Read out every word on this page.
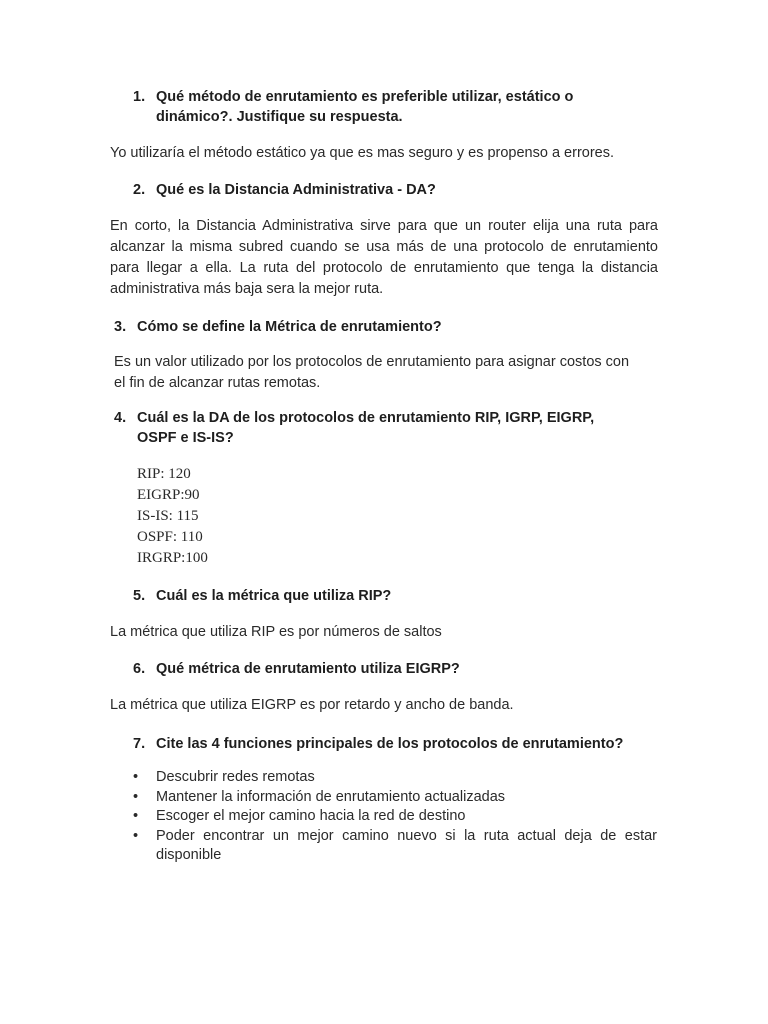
1. Qué método de enrutamiento es preferible utilizar, estático o dinámico?. Justifique su respuesta.
Yo utilizaría el método estático ya que es mas seguro y es propenso a errores.
2. Qué es la Distancia Administrativa - DA?
En corto, la Distancia Administrativa sirve para que un router elija una ruta para alcanzar la misma subred cuando se usa más de una protocolo de enrutamiento para llegar a ella. La ruta del protocolo de enrutamiento que tenga la distancia administrativa más baja sera la mejor ruta.
3. Cómo se define la Métrica de enrutamiento?
Es un valor utilizado por los protocolos de enrutamiento para asignar costos con el fin de alcanzar rutas remotas.
4. Cuál es la DA de los protocolos de enrutamiento RIP, IGRP, EIGRP, OSPF e IS-IS?
RIP: 120
EIGRP:90
IS-IS: 115
OSPF: 110
IRGRP:100
5. Cuál es la métrica que utiliza RIP?
La métrica que utiliza RIP es por números de saltos
6. Qué métrica de enrutamiento utiliza EIGRP?
La métrica que utiliza EIGRP es por retardo y ancho de banda.
7. Cite las 4 funciones principales de los protocolos de enrutamiento?
•	Descubrir redes remotas
•	Mantener la información de enrutamiento actualizadas
•	Escoger el mejor camino hacia la red de destino
•	Poder encontrar un mejor camino nuevo si la ruta actual deja de estar disponible
